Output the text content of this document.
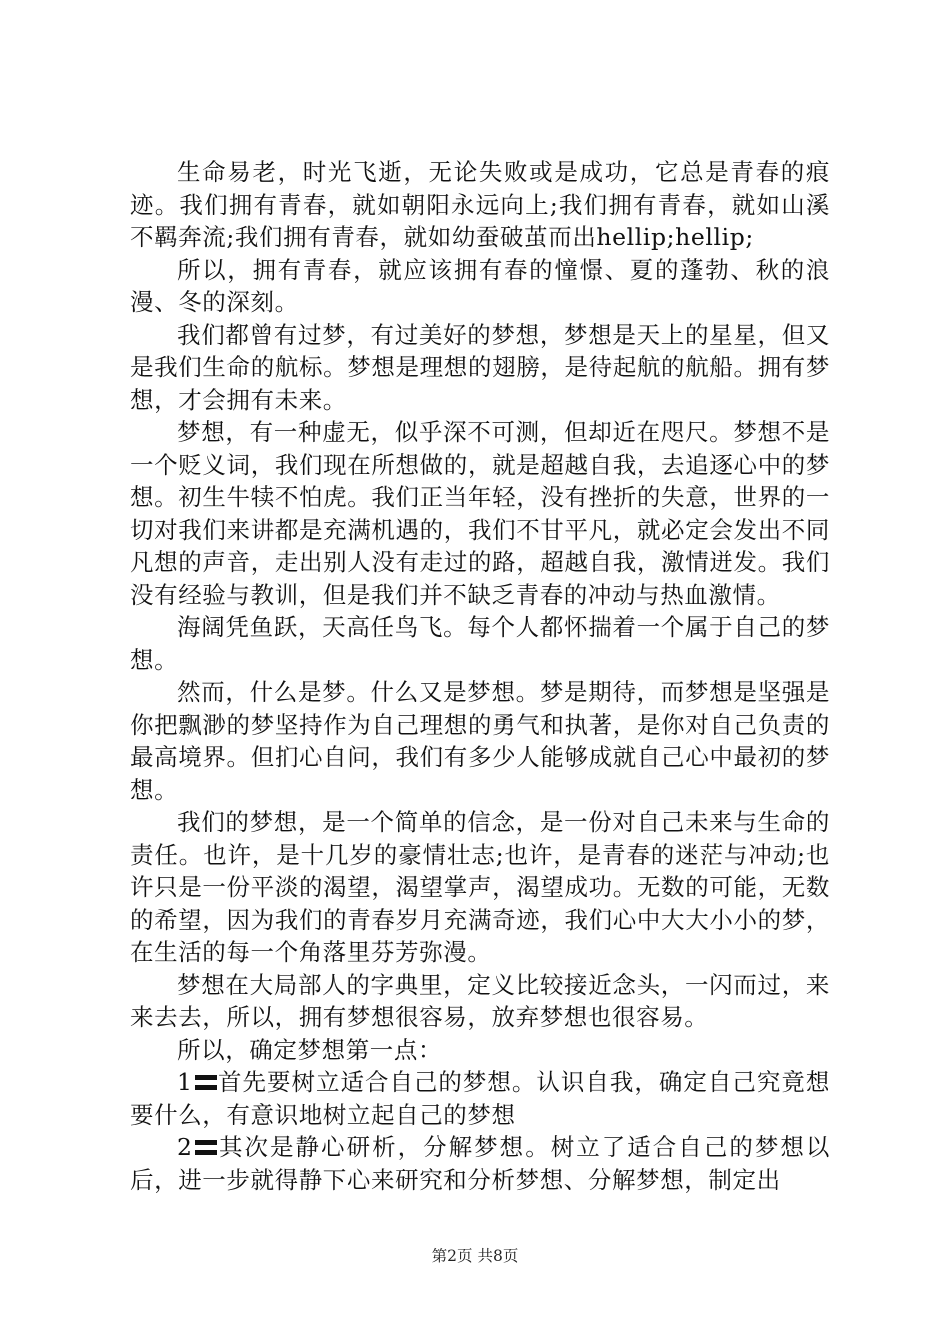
生命易老，时光飞逝，无论失败或是成功，它总是青春的痕迹。我们拥有青春，就如朝阳永远向上;我们拥有青春，就如山溪不羁奔流;我们拥有青春，就如幼蚕破茧而出hellip;hellip;

所以，拥有青春，就应该拥有春的憧憬、夏的蓬勃、秋的浪漫、冬的深刻。

我们都曾有过梦，有过美好的梦想，梦想是天上的星星，但又是我们生命的航标。梦想是理想的翅膀，是待起航的航船。拥有梦想，才会拥有未来。

梦想，有一种虚无，似乎深不可测，但却近在咫尺。梦想不是一个贬义词，我们现在所想做的，就是超越自我，去追逐心中的梦想。初生牛犊不怕虎。我们正当年轻，没有挫折的失意，世界的一切对我们来讲都是充满机遇的，我们不甘平凡，就必定会发出不同凡想的声音，走出别人没有走过的路，超越自我，激情迸发。我们没有经验与教训，但是我们并不缺乏青春的冲动与热血激情。

海阔凭鱼跃，天高任鸟飞。每个人都怀揣着一个属于自己的梦想。

然而，什么是梦。什么又是梦想。梦是期待，而梦想是坚强是你把飘渺的梦坚持作为自己理想的勇气和执著，是你对自己负责的最高境界。但扪心自问，我们有多少人能够成就自己心中最初的梦想。

我们的梦想，是一个简单的信念，是一份对自己未来与生命的责任。也许，是十几岁的豪情壮志;也许，是青春的迷茫与冲动;也许只是一份平淡的渴望，渴望掌声，渴望成功。无数的可能，无数的希望，因为我们的青春岁月充满奇迹，我们心中大大小小的梦，在生活的每一个角落里芬芳弥漫。

梦想在大局部人的字典里，定义比较接近念头，一闪而过，来来去去，所以，拥有梦想很容易，放弃梦想也很容易。

所以，确定梦想第一点：

1 首先要树立适合自己的梦想。认识自我，确定自己究竟想要什么，有意识地树立起自己的梦想

2 其次是静心研析，分解梦想。树立了适合自己的梦想以后，进一步就得静下心来研究和分析梦想、分解梦想，制定出

第2页 共8页
